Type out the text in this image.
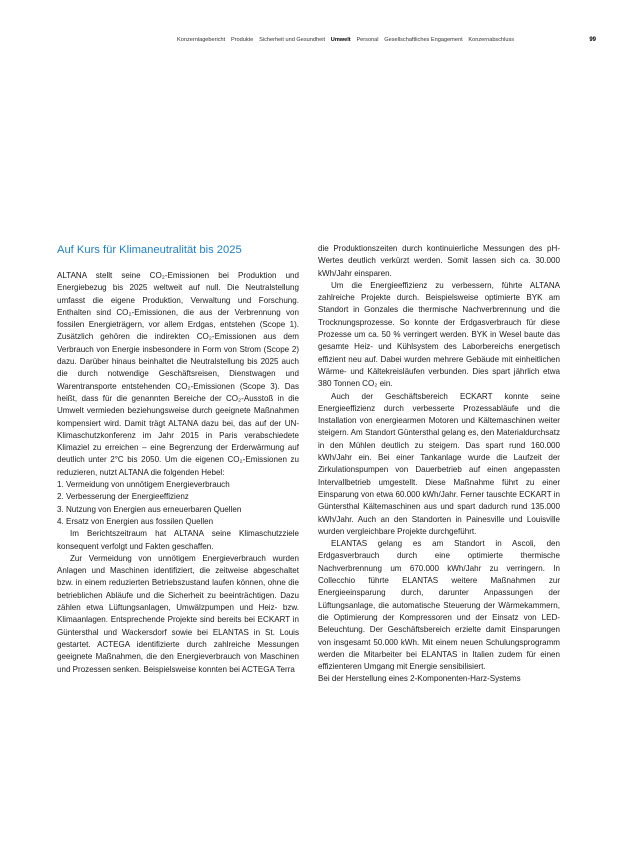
Konzernlagebericht Produkte Sicherheit und Gesundheit Umwelt Personal Gesellschaftliches Engagement Konzernabschluss	99
Auf Kurs für Klimaneutralität bis 2025

ALTANA stellt seine CO₂-Emissionen bei Produktion und Energiebezug bis 2025 weltweit auf null. Die Neutralstellung umfasst die eigene Produktion, Verwaltung und Forschung. Enthalten sind CO₂-Emissionen, die aus der Verbrennung von fossilen Energieträgern, vor allem Erdgas, entstehen (Scope 1). Zusätzlich gehören die indirekten CO₂-Emissionen aus dem Verbrauch von Energie insbesondere in Form von Strom (Scope 2) dazu. Darüber hinaus beinhaltet die Neutralstellung bis 2025 auch die durch notwendige Geschäftsreisen, Dienstwagen und Warentransporte entstehenden CO₂-Emissionen (Scope 3). Das heißt, dass für die genannten Bereiche der CO₂-Ausstoß in die Umwelt vermieden beziehungsweise durch geeignete Maßnahmen kompensiert wird. Damit trägt ALTANA dazu bei, das auf der UN-Klimaschutzkonferenz im Jahr 2015 in Paris verabschiedete Klimaziel zu erreichen – eine Begrenzung der Erderwärmung auf deutlich unter 2°C bis 2050. Um die eigenen CO₂-Emissionen zu reduzieren, nutzt ALTANA die folgenden Hebel:

1. Vermeidung von unnötigem Energieverbrauch
2. Verbesserung der Energieeffizienz
3. Nutzung von Energien aus erneuerbaren Quellen
4. Ersatz von Energien aus fossilen Quellen

Im Berichtszeitraum hat ALTANA seine Klimaschutzziele konsequent verfolgt und Fakten geschaffen.

Zur Vermeidung von unnötigem Energieverbrauch wurden Anlagen und Maschinen identifiziert, die zeitweise abgeschaltet bzw. in einem reduzierten Betriebszustand laufen können, ohne die betrieblichen Abläufe und die Sicherheit zu beeinträchtigen. Dazu zählen etwa Lüftungsanlagen, Umwälzpumpen und Heiz- bzw. Klimaanlagen. Entsprechende Projekte sind bereits bei ECKART in Güntersthal und Wackersdorf sowie bei ELANTAS in St. Louis gestartet. ACTEGA identifizierte durch zahlreiche Messungen geeignete Maßnahmen, die den Energieverbrauch von Maschinen und Prozessen senken. Beispielsweise konnten bei ACTEGA Terra

die Produktionszeiten durch kontinuierliche Messungen des pH-Wertes deutlich verkürzt werden. Somit lassen sich ca. 30.000 kWh/Jahr einsparen.

Um die Energieeffizienz zu verbessern, führte ALTANA zahlreiche Projekte durch. Beispielsweise optimierte BYK am Standort in Gonzales die thermische Nachverbrennung und die Trocknungsprozesse. So konnte der Erdgasverbrauch für diese Prozesse um ca. 50 % verringert werden. BYK in Wesel baute das gesamte Heiz- und Kühlsystem des Laborbereichs energetisch effizient neu auf. Dabei wurden mehrere Gebäude mit einheitlichen Wärme- und Kältekreisläufen verbunden. Dies spart jährlich etwa 380 Tonnen CO₂ ein.

Auch der Geschäftsbereich ECKART konnte seine Energieeffizienz durch verbesserte Prozessabläufe und die Installation von energiearmen Motoren und Kältemaschinen weiter steigern. Am Standort Güntersthal gelang es, den Materialdurchsatz in den Mühlen deutlich zu steigern. Das spart rund 160.000 kWh/Jahr ein. Bei einer Tankanlage wurde die Laufzeit der Zirkulationspumpen von Dauerbetrieb auf einen angepassten Intervallbetrieb umgestellt. Diese Maßnahme führt zu einer Einsparung von etwa 60.000 kWh/Jahr. Ferner tauschte ECKART in Güntersthal Kältemaschinen aus und spart dadurch rund 135.000 kWh/Jahr. Auch an den Standorten in Painesville und Louisville wurden vergleichbare Projekte durchgeführt.

ELANTAS gelang es am Standort in Ascoli, den Erdgasverbrauch durch eine optimierte thermische Nachverbrennung um 670.000 kWh/Jahr zu verringern. In Collecchio führte ELANTAS weitere Maßnahmen zur Energieeinsparung durch, darunter Anpassungen der Lüftungsanlage, die automatische Steuerung der Wärmekammern, die Optimierung der Kompressoren und der Einsatz von LED-Beleuchtung. Der Geschäftsbereich erzielte damit Einsparungen von insgesamt 50.000 kWh. Mit einem neuen Schulungsprogramm werden die Mitarbeiter bei ELANTAS in Italien zudem für einen effizienteren Umgang mit Energie sensibilisiert.

Bei der Herstellung eines 2-Komponenten-Harz-Systems
